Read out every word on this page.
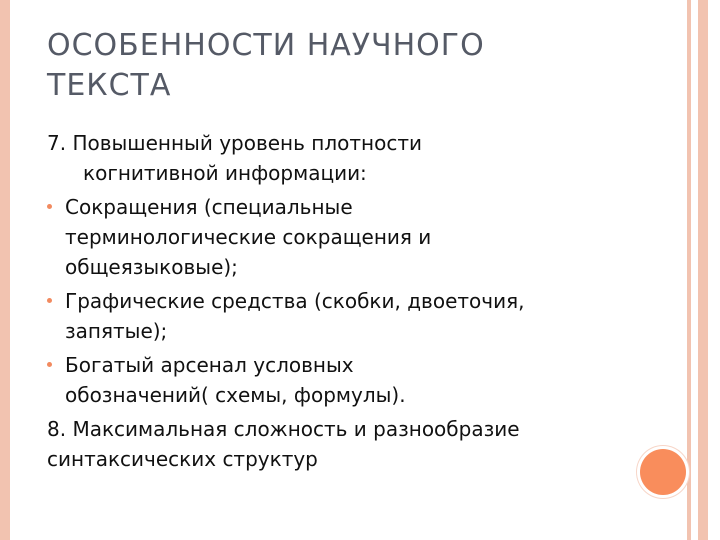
ОСОБЕННОСТИ НАУЧНОГО
ТЕКСТА
7. Повышенный уровень плотности
когнитивной информации:
Сокращения (специальные
терминологические сокращения и
общеязыковые);
Графические средства (скобки, двоеточия,
запятые);
Богатый арсенал условных
обозначений( схемы, формулы).
8. Максимальная сложность и разнообразие
синтаксических структур
